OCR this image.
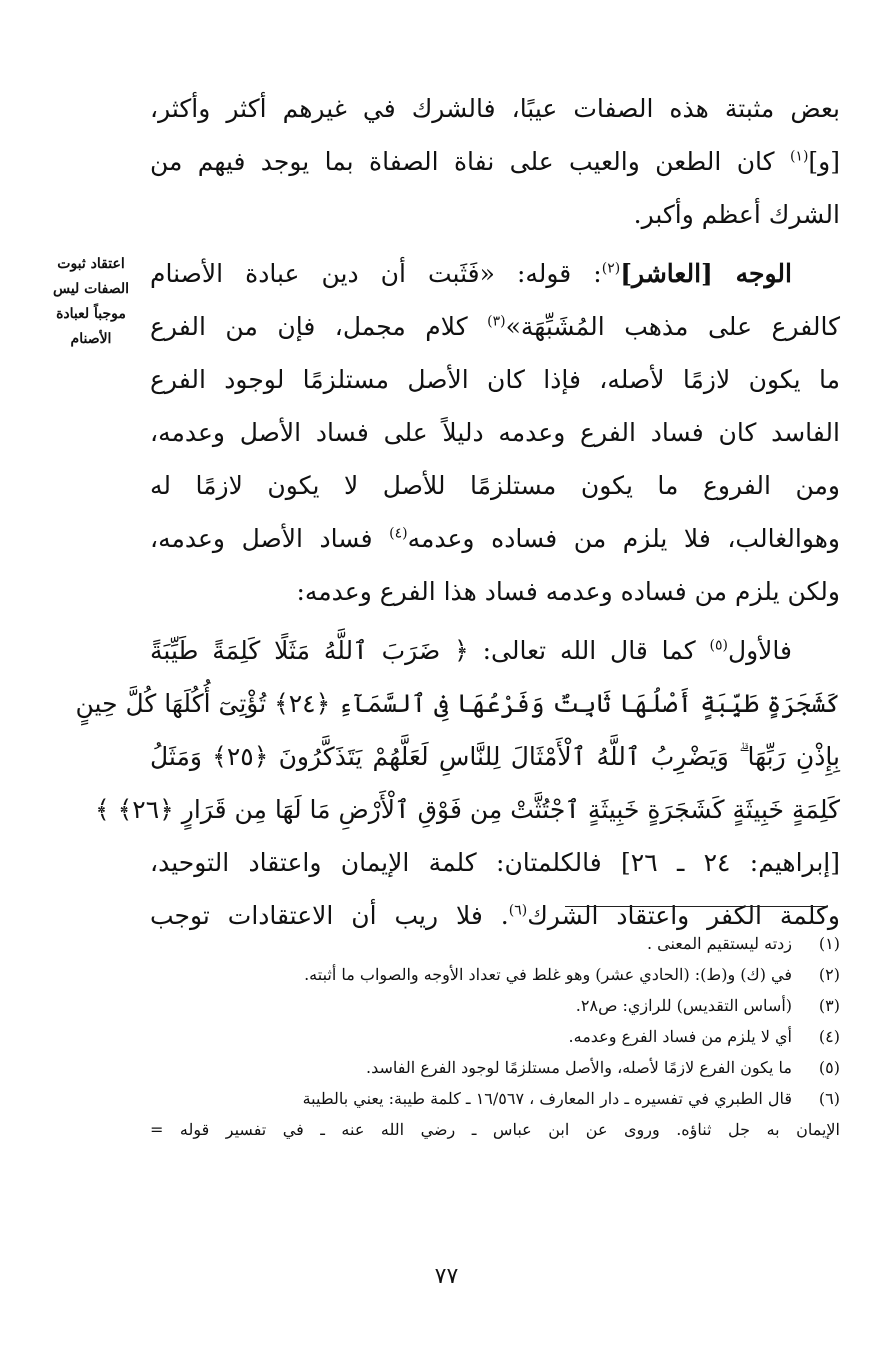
بعض مثبتة هذه الصفات عيبًا، فالشرك في غيرهم أكثر وأكثر،
[و]$^{(١)}$ كان الطعن والعيب على نفاة الصفاة بما يوجد فيهم من
الشرك أعظم وأكبر.
الوجه [العاشر]$^{(٢)}$: قوله: «فَثَبت أن دين عبادة الأصنام
كالفرع على مذهب المُشَبِّهَة»$^{(٣)}$ كلام مجمل، فإن من الفرع
ما يكون لازمًا لأصله، فإذا كان الأصل مستلزمًا لوجود الفرع
الفاسد كان فساد الفرع وعدمه دليلاً على فساد الأصل وعدمه،
ومن الفروع ما يكون مستلزمًا للأصل لا يكون لازمًا له
وهوالغالب، فلا يلزم من فساده وعدمه$^{(٤)}$ فساد الأصل وعدمه،
ولكن يلزم من فساده وعدمه فساد هذا الفرع وعدمه:
فالأول$^{(٥)}$ كما قال الله تعالى: ﴿ ضَرَبَ ٱللَّهُ مَثَلًا كَلِمَةً طَيِّبَةً
كَشَجَرَةٍ طَيِّبَةٍ أَصْلُهَا ثَابِتٌ وَفَرْعُهَا فِى ٱلسَّمَآءِ ﴿٢٤﴾ تُؤْتِىٓ أُكُلَهَا كُلَّ حِينٍ
بِإِذْنِ رَبِّهَا ۗ وَيَضْرِبُ ٱللَّهُ ٱلْأَمْثَالَ لِلنَّاسِ لَعَلَّهُمْ يَتَذَكَّرُونَ ﴿٢٥﴾ وَمَثَلُ
كَلِمَةٍ خَبِيثَةٍ كَشَجَرَةٍ خَبِيثَةٍ ٱجْتُثَّتْ مِن فَوْقِ ٱلْأَرْضِ مَا لَهَا مِن قَرَارٍ ﴿٢٦﴾ ﴾
[إبراهيم: ٢٤ ـ ٢٦] فالكلمتان: كلمة الإيمان واعتقاد التوحيد،
وكلمة الكفر واعتقاد الشرك$^{(٦)}$. فلا ريب أن الاعتقادات توجب
اعتقاد ثبوت
الصفات ليس
موجباً لعبادة
الأصنام
(١)
زدته ليستقيم المعنى .
(٢)
في (ك) و(ط): (الحادي عشر) وهو غلط في تعداد الأوجه والصواب ما أثبته.
(٣)
(أساس التقديس) للرازي: ص٢٨.
(٤)
أي لا يلزم من فساد الفرع وعدمه.
(٥)
ما يكون الفرع لازمًا لأصله، والأصل مستلزمًا لوجود الفرع الفاسد.
(٦)
قال الطبري في تفسيره ـ دار المعارف ، ١٦/٥٦٧ ـ كلمة طيبة: يعني بالطيبة
الإيمان به جل ثناؤه. وروى عن ابن عباس ـ رضي الله عنه ـ في تفسير قوله =
٧٧
